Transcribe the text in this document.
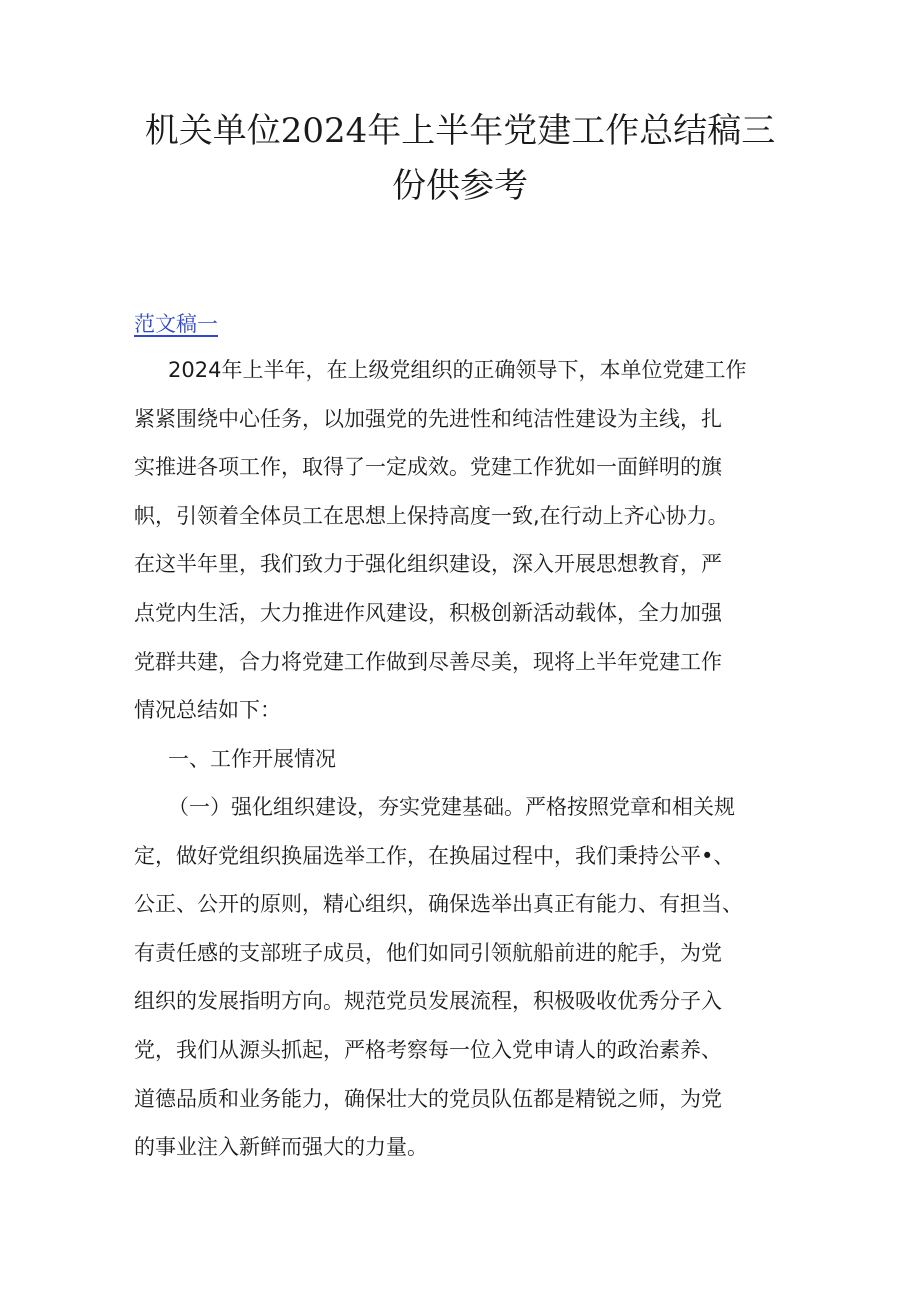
机关单位2024年上半年党建工作总结稿三
份供参考
范文稿一
2024年上半年，在上级党组织的正确领导下，本单位党建工作
紧紧围绕中心任务，以加强党的先进性和纯洁性建设为主线，扎
实推进各项工作，取得了一定成效。党建工作犹如一面鲜明的旗
帜，引领着全体员工在思想上保持高度一致,在行动上齐心协力。
在这半年里，我们致力于强化组织建设，深入开展思想教育，严
点党内生活，大力推进作风建设，积极创新活动载体，全力加强
党群共建，合力将党建工作做到尽善尽美，现将上半年党建工作
情况总结如下：
一、工作开展情况
（一）强化组织建设，夯实党建基础。严格按照党章和相关规
定，做好党组织换届选举工作，在换届过程中，我们秉持公平•、
公正、公开的原则，精心组织，确保选举出真正有能力、有担当、
有责任感的支部班子成员，他们如同引领航船前进的舵手，为党
组织的发展指明方向。规范党员发展流程，积极吸收优秀分子入
党，我们从源头抓起，严格考察每一位入党申请人的政治素养、
道德品质和业务能力，确保壮大的党员队伍都是精锐之师，为党
的事业注入新鲜而强大的力量。
